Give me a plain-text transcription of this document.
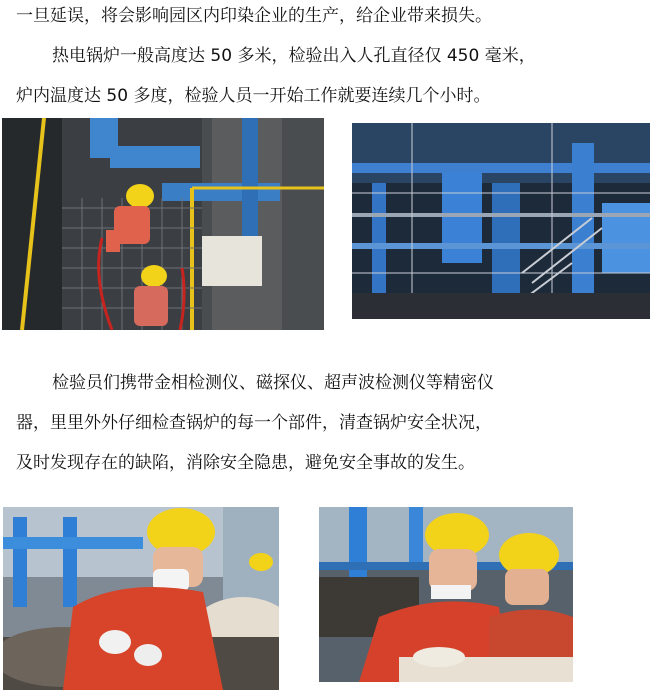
一旦延误，将会影响园区内印染企业的生产，给企业带来损失。
热电锅炉一般高度达 50 多米，检验出入人孔直径仅 450 毫米，
炉内温度达 50 多度，检验人员一开始工作就要连续几个小时。
检验员们携带金相检测仪、磁探仪、超声波检测仪等精密仪
器，里里外外仔细检查锅炉的每一个部件，清查锅炉安全状况，
及时发现存在的缺陷，消除安全隐患，避免安全事故的发生。
